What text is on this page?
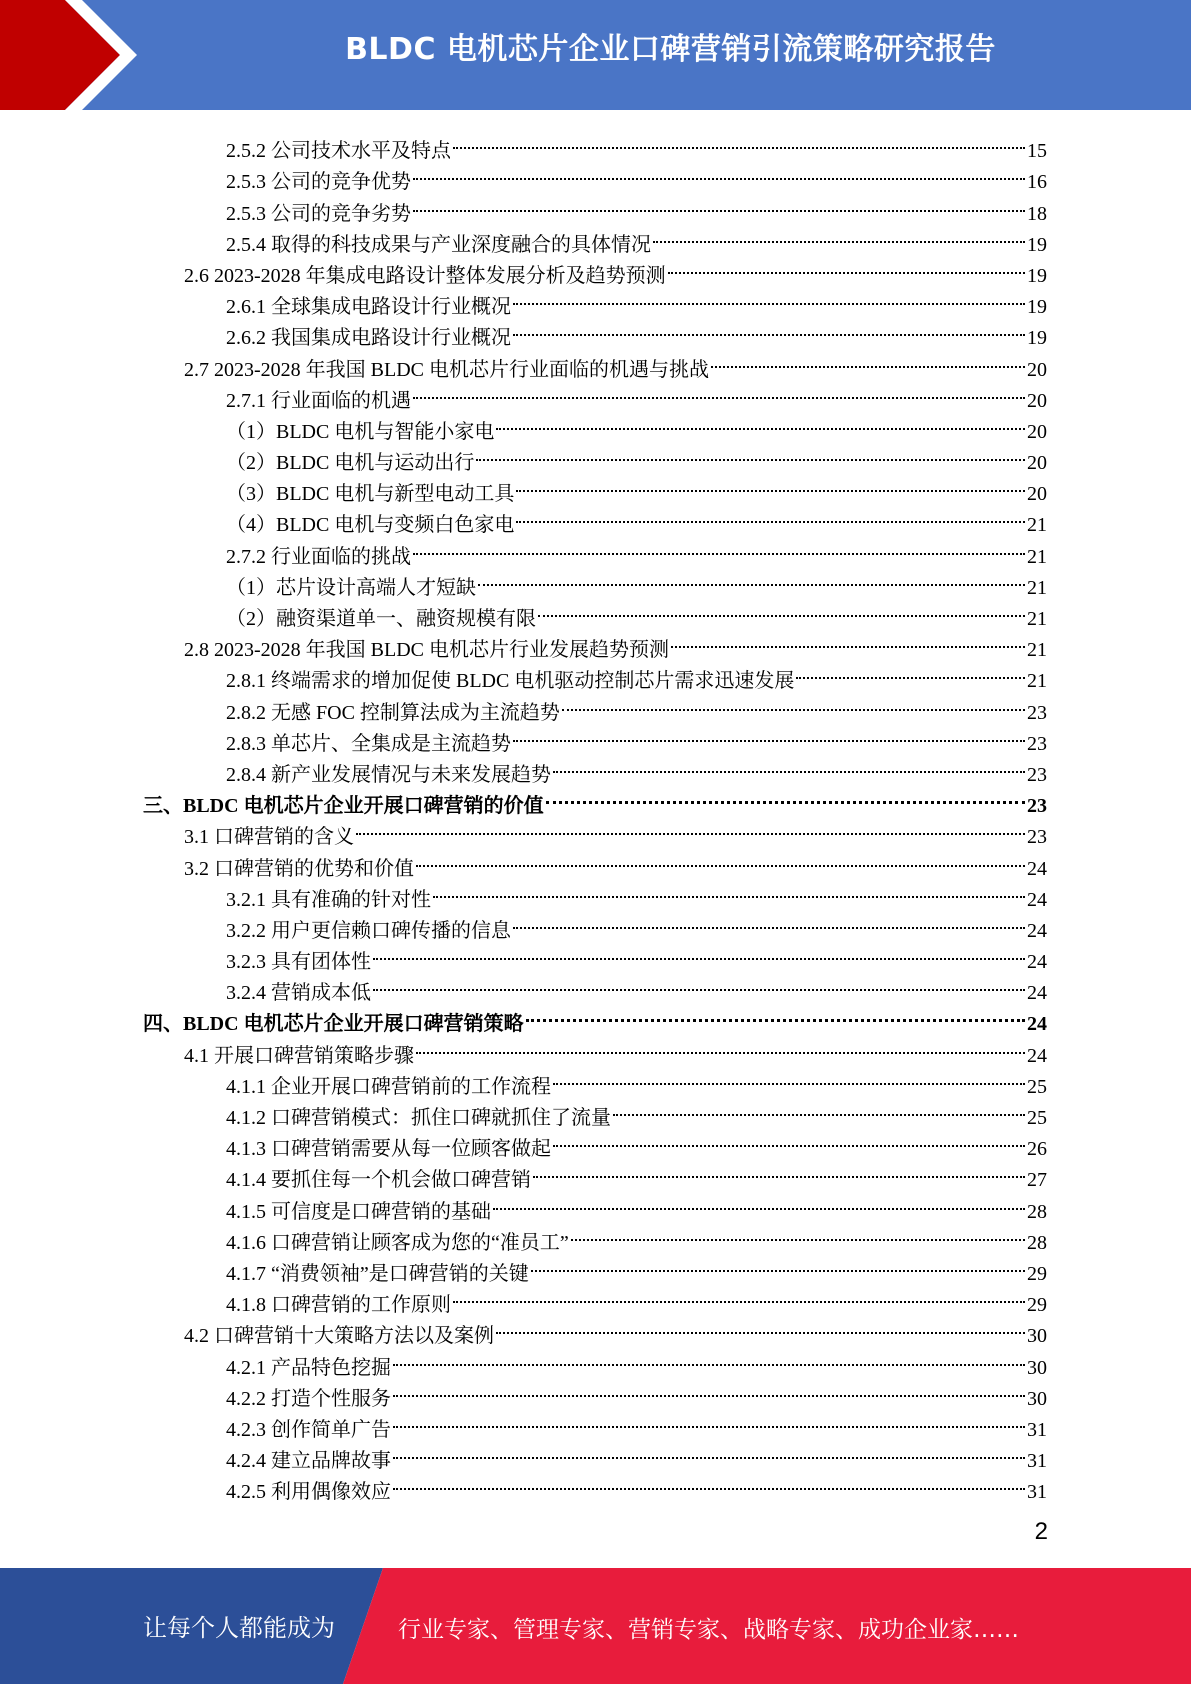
BLDC 电机芯片企业口碑营销引流策略研究报告
2.5.2 公司技术水平及特点	15
2.5.3 公司的竞争优势	16
2.5.3 公司的竞争劣势	18
2.5.4 取得的科技成果与产业深度融合的具体情况	19
2.6 2023-2028 年集成电路设计整体发展分析及趋势预测	19
2.6.1 全球集成电路设计行业概况	19
2.6.2 我国集成电路设计行业概况	19
2.7 2023-2028 年我国 BLDC 电机芯片行业面临的机遇与挑战	20
2.7.1 行业面临的机遇	20
（1）BLDC 电机与智能小家电	20
（2）BLDC 电机与运动出行	20
（3）BLDC 电机与新型电动工具	20
（4）BLDC 电机与变频白色家电	21
2.7.2 行业面临的挑战	21
（1）芯片设计高端人才短缺	21
（2）融资渠道单一、融资规模有限	21
2.8 2023-2028 年我国 BLDC 电机芯片行业发展趋势预测	21
2.8.1 终端需求的增加促使 BLDC 电机驱动控制芯片需求迅速发展	21
2.8.2 无感 FOC 控制算法成为主流趋势	23
2.8.3 单芯片、全集成是主流趋势	23
2.8.4 新产业发展情况与未来发展趋势	23
三、BLDC 电机芯片企业开展口碑营销的价值	23
3.1 口碑营销的含义	23
3.2 口碑营销的优势和价值	24
3.2.1 具有准确的针对性	24
3.2.2 用户更信赖口碑传播的信息	24
3.2.3 具有团体性	24
3.2.4 营销成本低	24
四、BLDC 电机芯片企业开展口碑营销策略	24
4.1 开展口碑营销策略步骤	24
4.1.1 企业开展口碑营销前的工作流程	25
4.1.2 口碑营销模式：抓住口碑就抓住了流量	25
4.1.3 口碑营销需要从每一位顾客做起	26
4.1.4 要抓住每一个机会做口碑营销	27
4.1.5 可信度是口碑营销的基础	28
4.1.6 口碑营销让顾客成为您的“准员工”	28
4.1.7 “消费领袖”是口碑营销的关键	29
4.1.8 口碑营销的工作原则	29
4.2 口碑营销十大策略方法以及案例	30
4.2.1 产品特色挖掘	30
4.2.2 打造个性服务	30
4.2.3 创作简单广告	31
4.2.4 建立品牌故事	31
4.2.5 利用偶像效应	31
2
让每个人都能成为	行业专家、管理专家、营销专家、战略专家、成功企业家……
